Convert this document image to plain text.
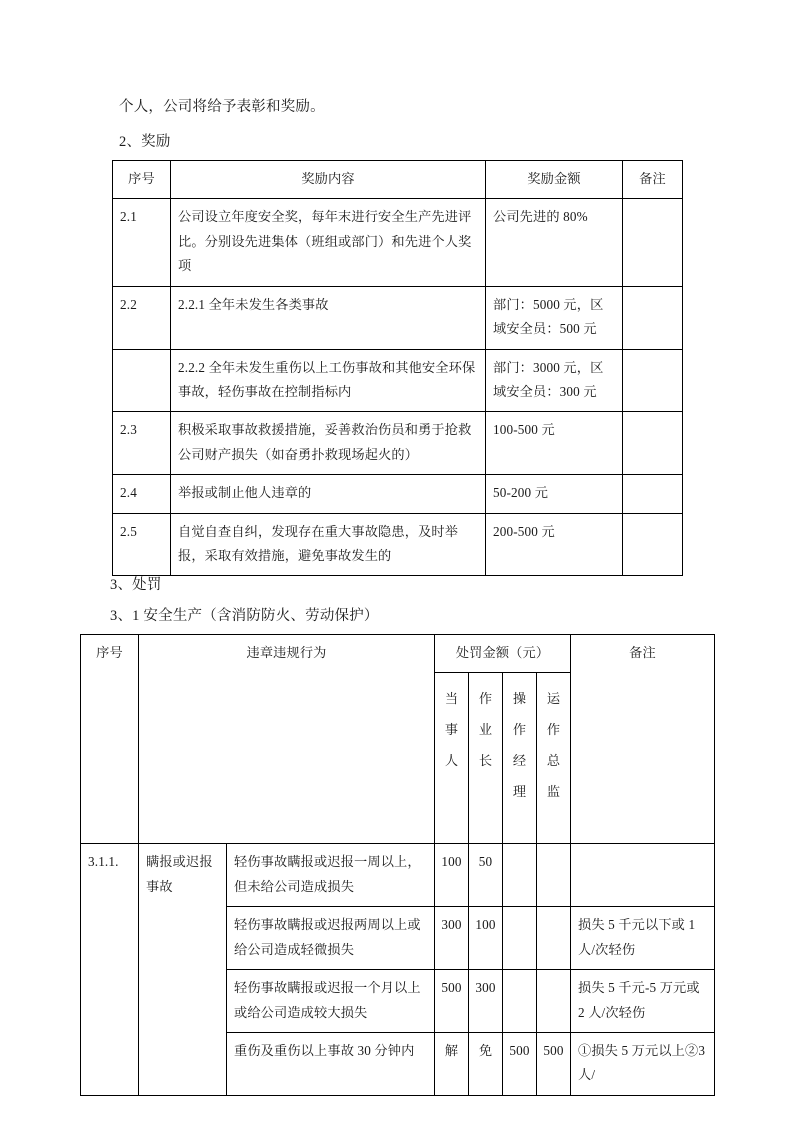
个人，公司将给予表彰和奖励。
2、奖励
序号	奖励内容	奖励金额	备注
2.1	公司设立年度安全奖，每年末进行安全生产先进评比。分别设先进集体（班组或部门）和先进个人奖项	公司先进的 80%	
2.2	2.2.1 全年未发生各类事故	部门：5000 元，区域安全员：500 元	
	2.2.2 全年未发生重伤以上工伤事故和其他安全环保事故，轻伤事故在控制指标内	部门：3000 元，区域安全员：300 元	
2.3	积极采取事故救援措施，妥善救治伤员和勇于抢救公司财产损失（如奋勇扑救现场起火的）	100-500 元	
2.4	举报或制止他人违章的	50-200 元	
2.5	自觉自查自纠，发现存在重大事故隐患，及时举报，采取有效措施，避免事故发生的	200-500 元	
3、处罚
3、1 安全生产（含消防防火、劳动保护）
序号	违章违规行为		处罚金额（元）				备注

			当事人	作业长	操作经理	运作总监	

3.1.1.	瞒报或迟报事故	轻伤事故瞒报或迟报一周以上，但未给公司造成损失	100	50			
		轻伤事故瞒报或迟报两周以上或给公司造成轻微损失	300	100			损失 5 千元以下或 1 人/次轻伤
		轻伤事故瞒报或迟报一个月以上或给公司造成较大损失	500	300			损失 5 千元-5 万元或 2 人/次轻伤
		重伤及重伤以上事故 30 分钟内	解	免	500	500	①损失 5 万元以上②3 人/
